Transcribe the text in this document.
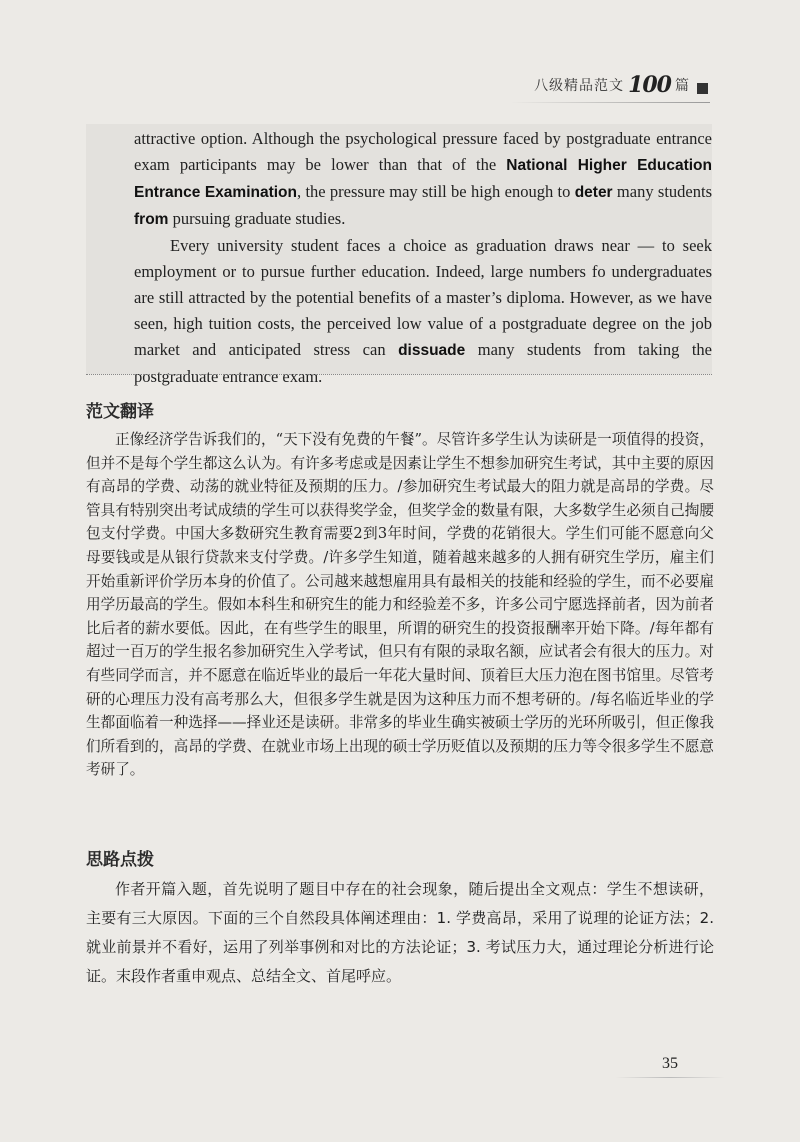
八级精品范文 100 篇

attractive option. Although the psychological pressure faced by postgraduate entrance exam participants may be lower than that of the National Higher Education Entrance Examination, the pressure may still be high enough to deter many students from pursuing graduate studies.

Every university student faces a choice as graduation draws near — to seek employment or to pursue further education. Indeed, large numbers fo undergraduates are still attracted by the potential benefits of a master’s diploma. However, as we have seen, high tuition costs, the perceived low value of a postgraduate degree on the job market and anticipated stress can dissuade many students from taking the postgraduate entrance exam.

范文翻译

正像经济学告诉我们的，“天下没有免费的午餐”。尽管许多学生认为读研是一项值得的投资，但并不是每个学生都这么认为。有许多考虑或是因素让学生不想参加研究生考试，其中主要的原因有高昂的学费、动荡的就业特征及预期的压力。/参加研究生考试最大的阻力就是高昂的学费。尽管具有特别突出考试成绩的学生可以获得奖学金，但奖学金的数量有限，大多数学生必须自己掏腰包支付学费。中国大多数研究生教育需要2到3年时间，学费的花销很大。学生们可能不愿意向父母要钱或是从银行贷款来支付学费。/许多学生知道，随着越来越多的人拥有研究生学历，雇主们开始重新评价学历本身的价值了。公司越来越想雇用具有最相关的技能和经验的学生，而不必要雇用学历最高的学生。假如本科生和研究生的能力和经验差不多，许多公司宁愿选择前者，因为前者比后者的薪水要低。因此，在有些学生的眼里，所谓的研究生的投资报酬率开始下降。/每年都有超过一百万的学生报名参加研究生入学考试，但只有有限的录取名额，应试者会有很大的压力。对有些同学而言，并不愿意在临近毕业的最后一年花大量时间、顶着巨大压力泡在图书馆里。尽管考研的心理压力没有高考那么大，但很多学生就是因为这种压力而不想考研的。/每名临近毕业的学生都面临着一种选择——择业还是读研。非常多的毕业生确实被硕士学历的光环所吸引，但正像我们所看到的，高昂的学费、在就业市场上出现的硕士学历贬值以及预期的压力等令很多学生不愿意考研了。

思路点拨

作者开篇入题，首先说明了题目中存在的社会现象，随后提出全文观点：学生不想读研，主要有三大原因。下面的三个自然段具体阐述理由：1. 学费高昂，采用了说理的论证方法；2. 就业前景并不看好，运用了列举事例和对比的方法论证；3. 考试压力大，通过理论分析进行论证。末段作者重申观点、总结全文、首尾呼应。

35
